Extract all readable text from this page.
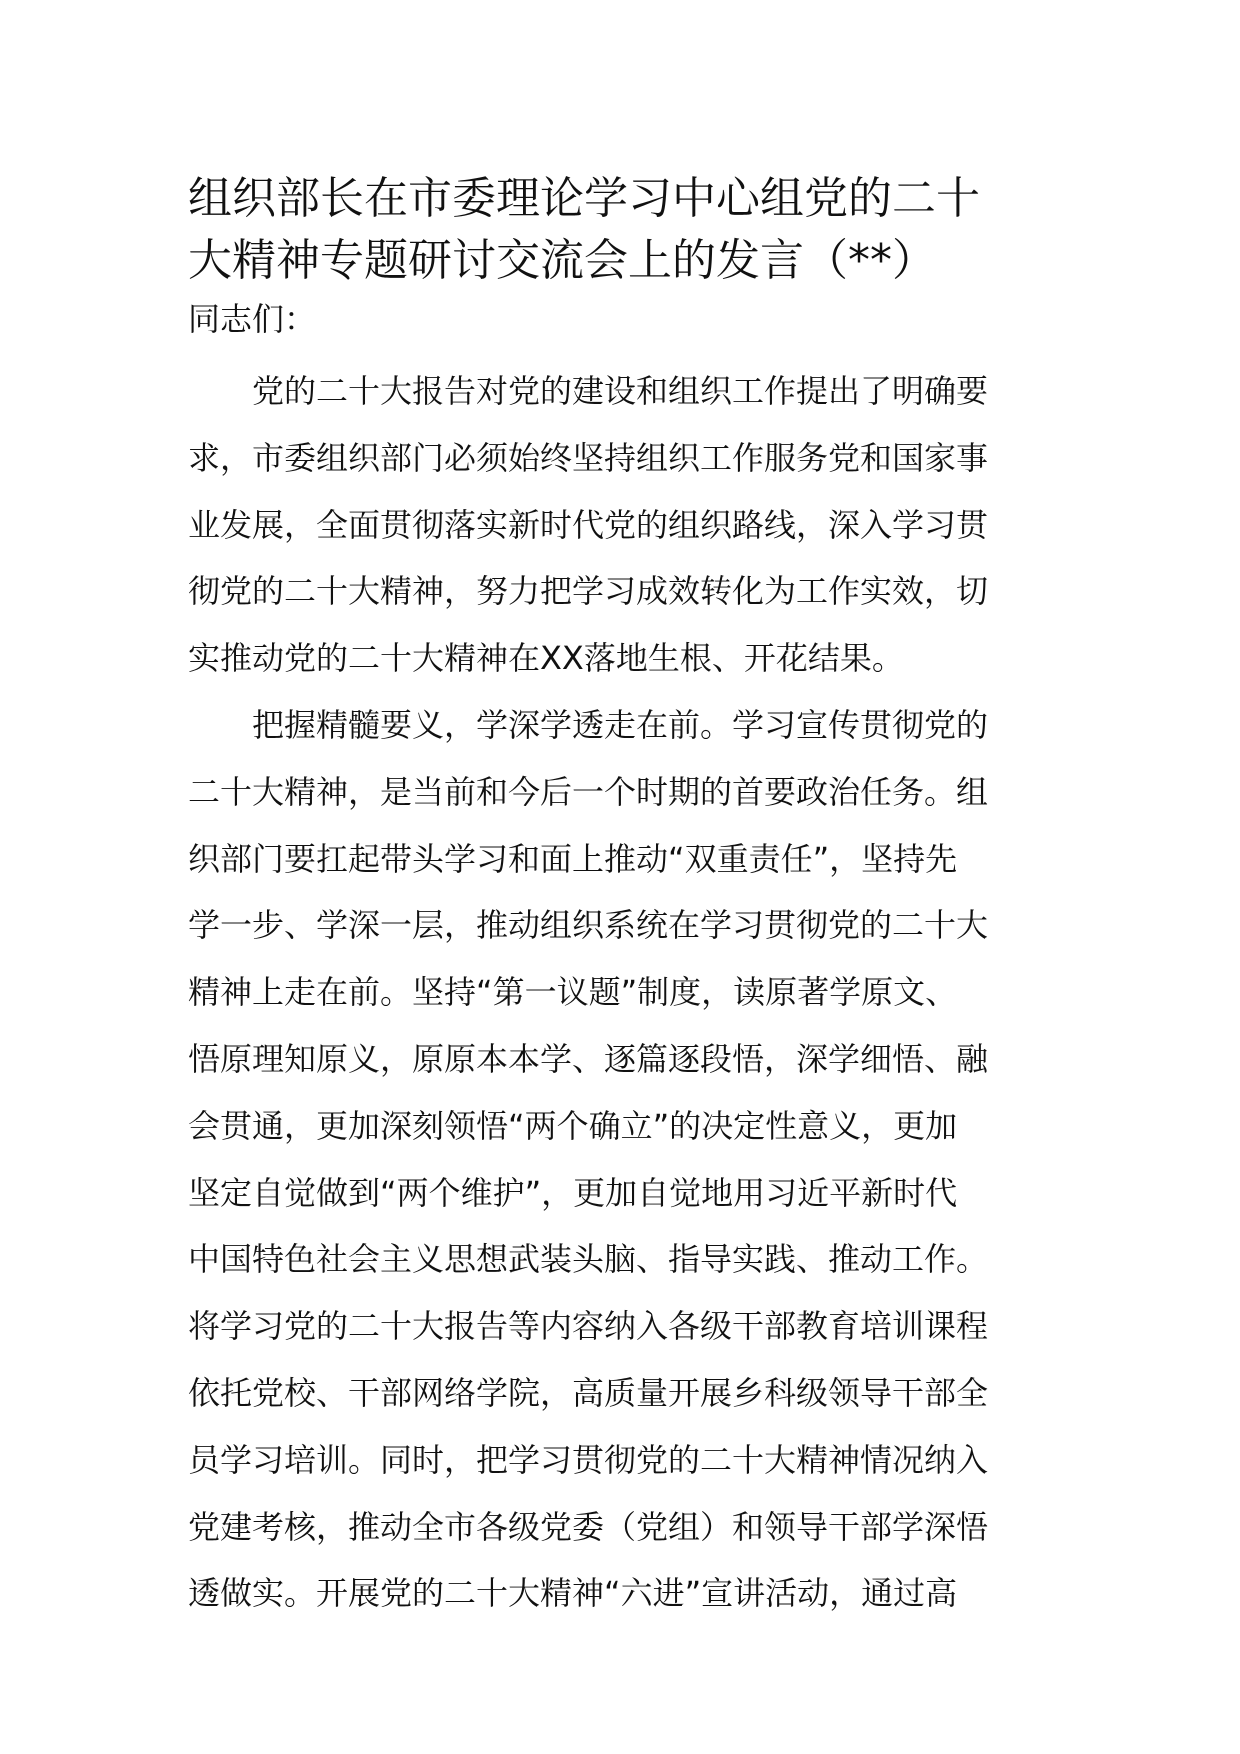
组织部长在市委理论学习中心组党的二十
大精神专题研讨交流会上的发言（**）

同志们：

党的二十大报告对党的建设和组织工作提出了明确要
求，市委组织部门必须始终坚持组织工作服务党和国家事
业发展，全面贯彻落实新时代党的组织路线，深入学习贯
彻党的二十大精神，努力把学习成效转化为工作实效，切
实推动党的二十大精神在XX落地生根、开花结果。
把握精髓要义，学深学透走在前。学习宣传贯彻党的
二十大精神，是当前和今后一个时期的首要政治任务。组
织部门要扛起带头学习和面上推动“双重责任”，坚持先
学一步、学深一层，推动组织系统在学习贯彻党的二十大
精神上走在前。坚持“第一议题”制度，读原著学原文、
悟原理知原义，原原本本学、逐篇逐段悟，深学细悟、融
会贯通，更加深刻领悟“两个确立”的决定性意义，更加
坚定自觉做到“两个维护”，更加自觉地用习近平新时代
中国特色社会主义思想武装头脑、指导实践、推动工作。
将学习党的二十大报告等内容纳入各级干部教育培训课程
依托党校、干部网络学院，高质量开展乡科级领导干部全
员学习培训。同时，把学习贯彻党的二十大精神情况纳入
党建考核，推动全市各级党委（党组）和领导干部学深悟
透做实。开展党的二十大精神“六进”宣讲活动，通过高
